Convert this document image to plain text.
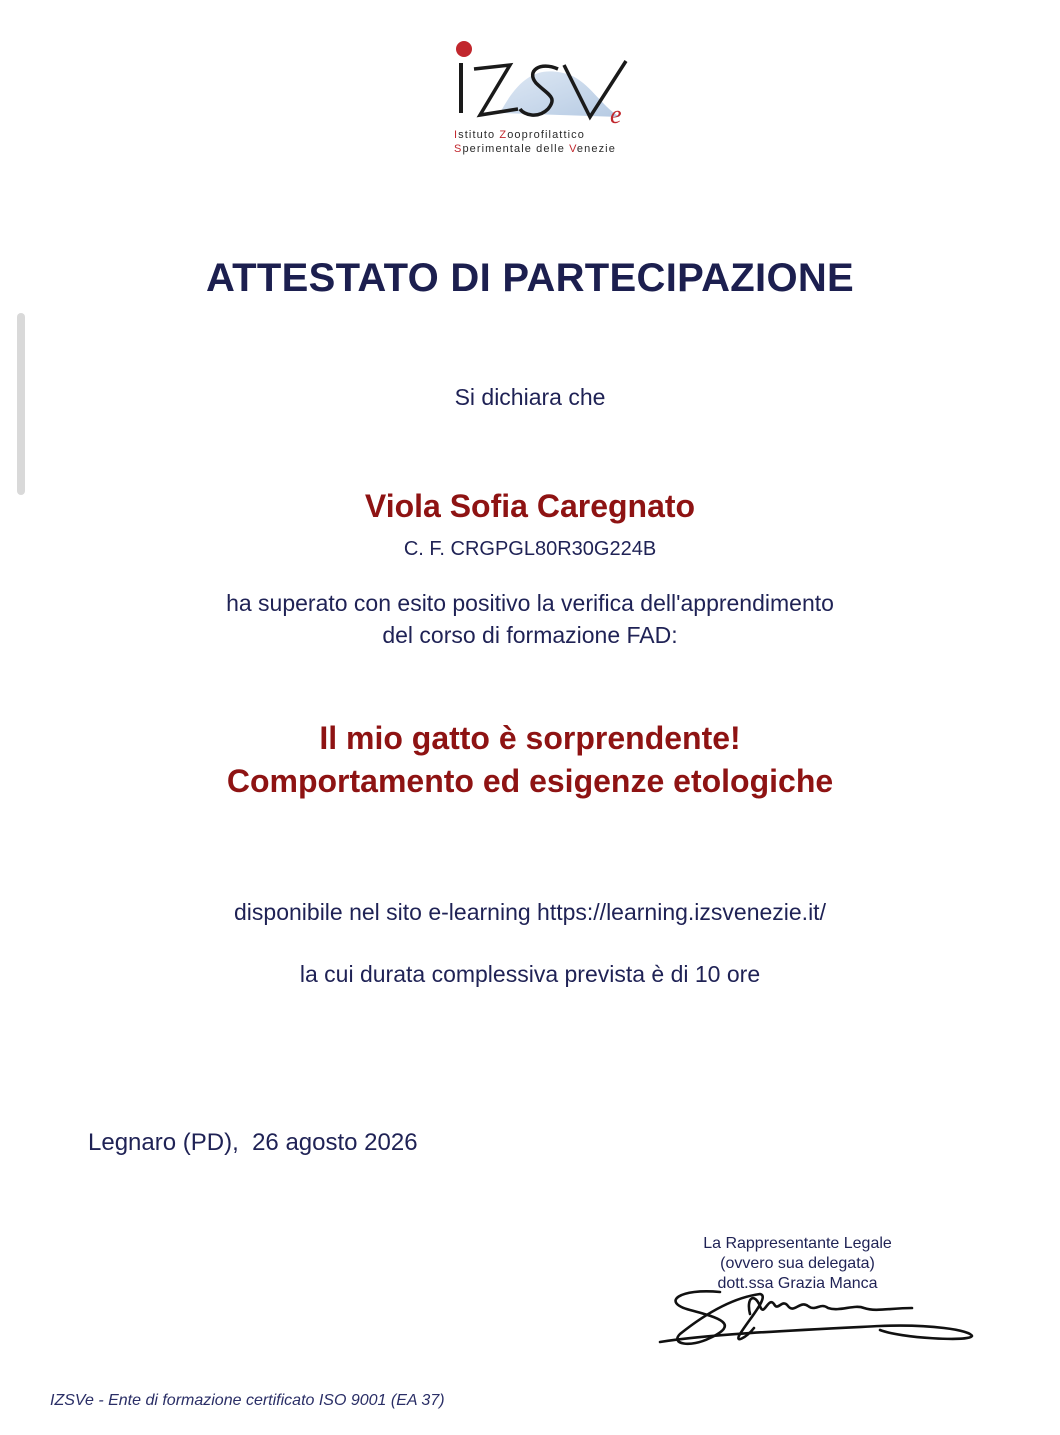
e
Istituto Zooprofilattico
Sperimentale delle Venezie
ATTESTATO DI PARTECIPAZIONE
Si dichiara che
Viola Sofia Caregnato
C. F. CRGPGL80R30G224B
ha superato con esito positivo la verifica dell'apprendimento
del corso di formazione FAD:
Il mio gatto è sorprendente!
Comportamento ed esigenze etologiche
disponibile nel sito e-learning https://learning.izsvenezie.it/
la cui durata complessiva prevista è di 10 ore
Legnaro (PD),  26 agosto 2026
La Rappresentante Legale
(ovvero sua delegata)
dott.ssa Grazia Manca
IZSVe - Ente di formazione certificato ISO 9001 (EA 37)
